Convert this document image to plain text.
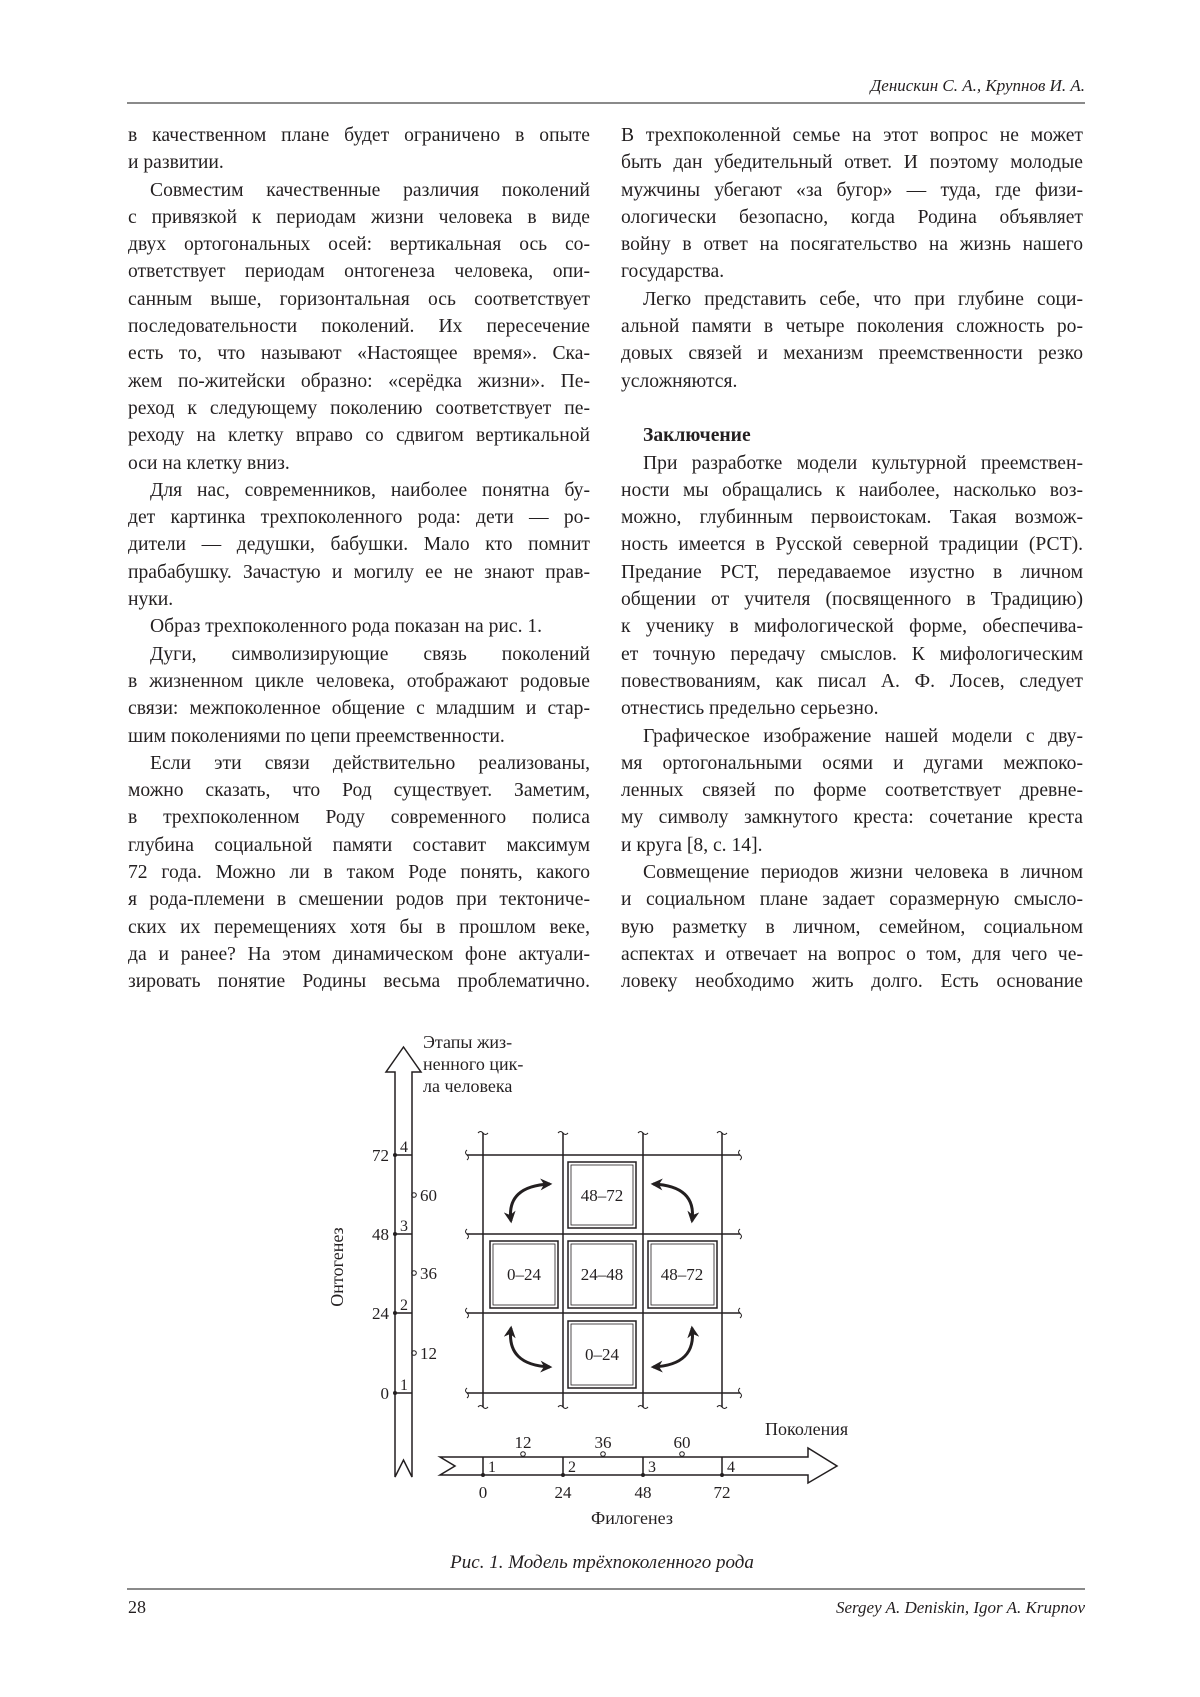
Денискин С. А., Крупнов И. А.
в качественном плане будет ограничено в опыте
и развитии.
Совместим качественные различия поколений
с привязкой к периодам жизни человека в виде
двух ортогональных осей: вертикальная ось со-
ответствует периодам онтогенеза человека, опи-
санным выше, горизонтальная ось соответствует
последовательности поколений. Их пересечение
есть то, что называют «Настоящее время». Ска-
жем по-житейски образно: «серёдка жизни». Пе-
реход к следующему поколению соответствует пе-
реходу на клетку вправо со сдвигом вертикальной
оси на клетку вниз.
Для нас, современников, наиболее понятна бу-
дет картинка трехпоколенного рода: дети — ро-
дители — дедушки, бабушки. Мало кто помнит
прабабушку. Зачастую и могилу ее не знают прав-
нуки.
Образ трехпоколенного рода показан на рис. 1.
Дуги, символизирующие связь поколений
в жизненном цикле человека, отображают родовые
связи: межпоколенное общение с младшим и стар-
шим поколениями по цепи преемственности.
Если эти связи действительно реализованы,
можно сказать, что Род существует. Заметим,
в трехпоколенном Роду современного полиса
глубина социальной памяти составит максимум
72 года. Можно ли в таком Роде понять, какого
я рода-племени в смешении родов при тектониче-
ских их перемещениях хотя бы в прошлом веке,
да и ранее? На этом динамическом фоне актуали-
зировать понятие Родины весьма проблематично.
В трехпоколенной семье на этот вопрос не может
быть дан убедительный ответ. И поэтому молодые
мужчины убегают «за бугор» — туда, где физи-
ологически безопасно, когда Родина объявляет
войну в ответ на посягательство на жизнь нашего
государства.
Легко представить себе, что при глубине соци-
альной памяти в четыре поколения сложность ро-
довых связей и механизм преемственности резко
усложняются.
Заключение
При разработке модели культурной преемствен-
ности мы обращались к наиболее, насколько воз-
можно, глубинным первоистокам. Такая возмож-
ность имеется в Русской северной традиции (РСТ).
Предание РСТ, передаваемое изустно в личном
общении от учителя (посвященного в Традицию)
к ученику в мифологической форме, обеспечива-
ет точную передачу смыслов. К мифологическим
повествованиям, как писал А. Ф. Лосев, следует
отнестись предельно серьезно.
Графическое изображение нашей модели с дву-
мя ортогональными осями и дугами межпоко-
ленных связей по форме соответствует древне-
му символу замкнутого креста: сочетание креста
и круга [8, с. 14].
Совмещение периодов жизни человека в личном
и социальном плане задает соразмерную смысло-
вую разметку в личном, семейном, социальном
аспектах и отвечает на вопрос о том, для чего че-
ловеку необходимо жить долго. Есть основание
0 1
24 2
48 3
72 4
12
36
60
0
1
24
2
48
3
72
4
12	36	60
Этапы жиз-
ненного цик-
ла человека
Онтогенез
Поколения
Филогенез
48–72
0–24 24–48 48–72
0–24
Рис. 1. Модель трёхпоколенного рода
28	Sergey A. Deniskin, Igor A. Krupnov
